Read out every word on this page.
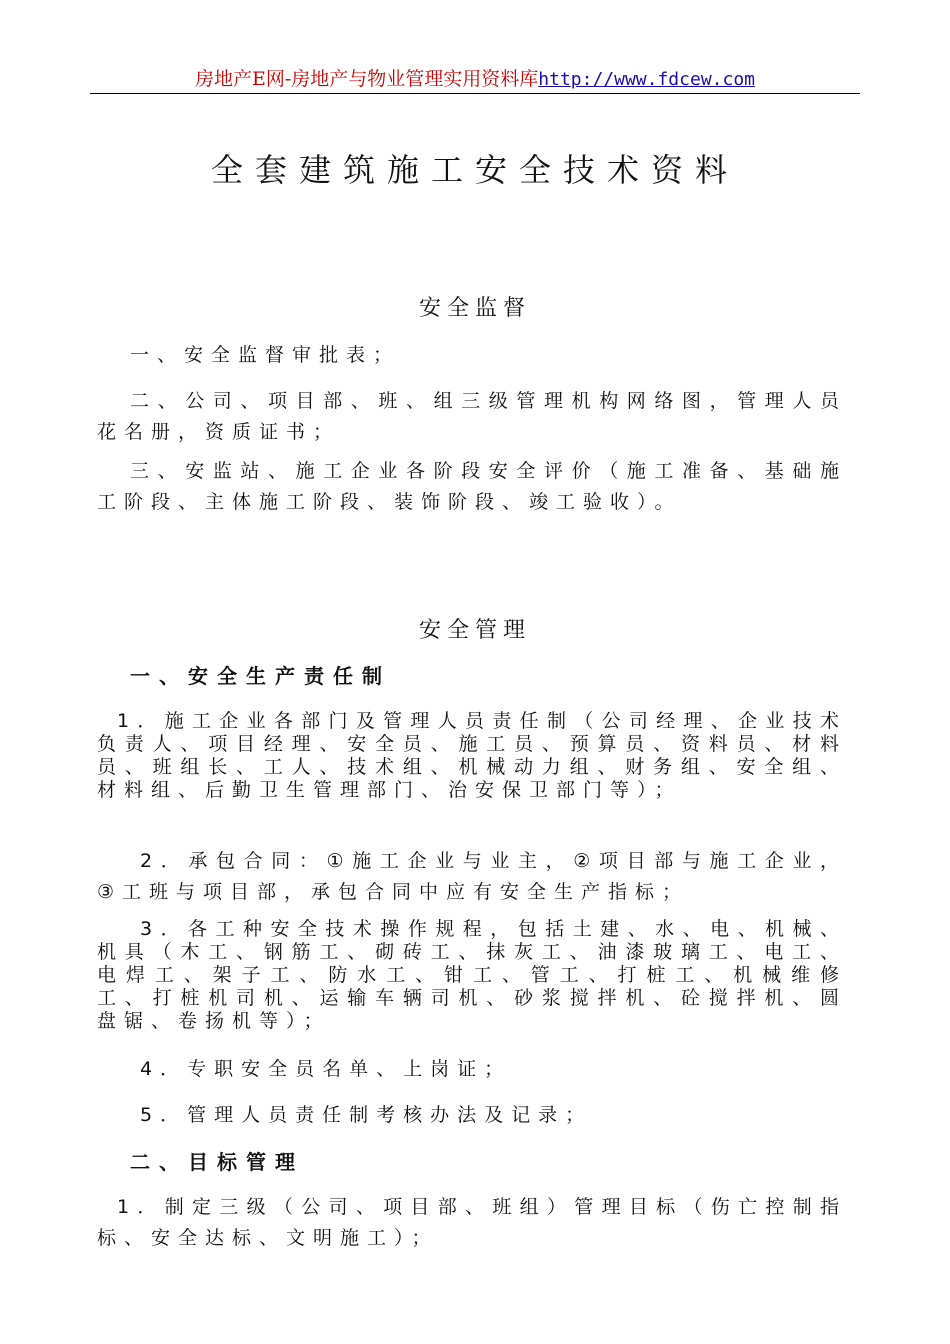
房地产E网-房地产与物业管理实用资料库http://www.fdcew.com
全套建筑施工安全技术资料
安全监督
一、安全监督审批表；
二、公司、项目部、班、组三级管理机构网络图，管理人员花名册，资质证书；
三、安监站、施工企业各阶段安全评价（施工准备、基础施工阶段、主体施工阶段、装饰阶段、竣工验收）。
安全管理
一、安全生产责任制
1．施工企业各部门及管理人员责任制（公司经理、企业技术负责人、项目经理、安全员、施工员、预算员、资料员、材料员、班组长、工人、技术组、机械动力组、财务组、安全组、材料组、后勤卫生管理部门、治安保卫部门等）；
2．承包合同：①施工企业与业主，②项目部与施工企业，③工班与项目部，承包合同中应有安全生产指标；
3．各工种安全技术操作规程，包括土建、水、电、机械、机具（木工、钢筋工、砌砖工、抹灰工、油漆玻璃工、电工、电焊工、架子工、防水工、钳工、管工、打桩工、机械维修工、打桩机司机、运输车辆司机、砂浆搅拌机、砼搅拌机、圆盘锯、卷扬机等）；
4．专职安全员名单、上岗证；
5．管理人员责任制考核办法及记录；
二、目标管理
1．制定三级（公司、项目部、班组）管理目标（伤亡控制指标、安全达标、文明施工）；
